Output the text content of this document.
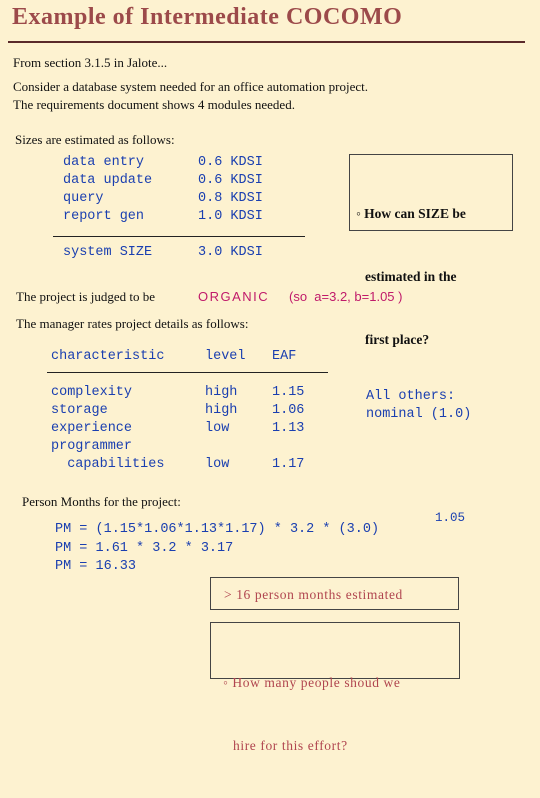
Example of Intermediate COCOMO
From section 3.1.5 in Jalote...
Consider a database system needed for an office automation project.
The requirements document shows 4 modules needed.
Sizes are estimated as follows:
data entry	0.6 KDSI
data update	0.6 KDSI
query	0.8 KDSI
report gen	1.0 KDSI
system SIZE	3.0 KDSI

◦ How can SIZE be

estimated in the

first place?

The project is judged to be	ORGANIC (so  a=3.2, b=1.05 )
The manager rates project details as follows:
characteristic	level EAF
complexity	high	1.15
storage	high	1.06
experience	low	1.13
programmer
capabilities	low	1.17
All others:
nominal (1.0)
Person Months for the project:
1.05
PM = (1.15*1.06*1.13*1.17) * 3.2 * (3.0)
PM = 1.61 * 3.2 * 3.17
PM = 16.33
> 16 person months estimated

◦ How many people shoud we

hire for this effort?
